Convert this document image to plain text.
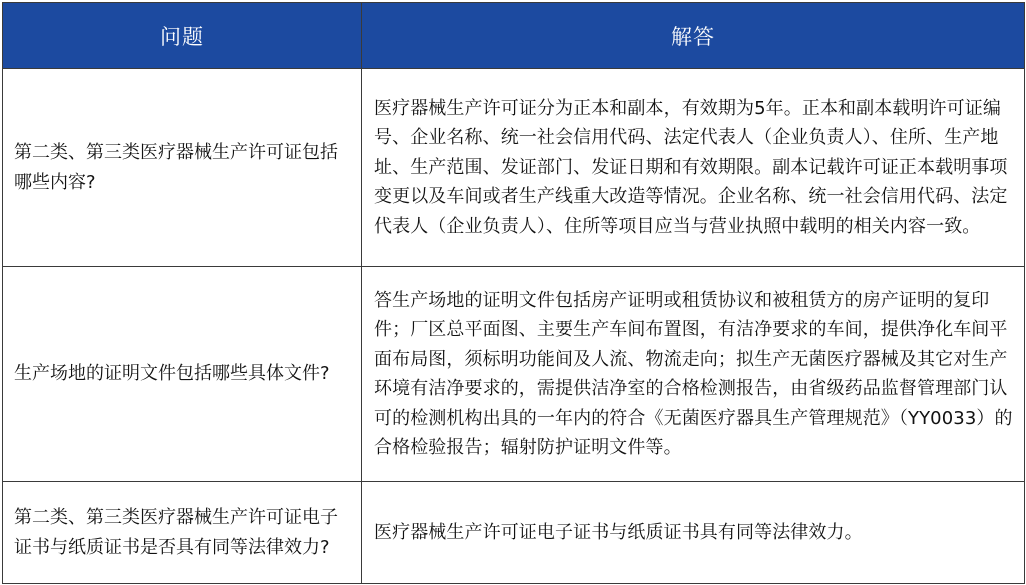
问题	解答
第二类、第三类医疗器械生产许可证包括哪些内容?	医疗器械生产许可证分为正本和副本，有效期为5年。正本和副本载明许可证编号、企业名称、统一社会信用代码、法定代表人（企业负责人）、住所、生产地址、生产范围、发证部门、发证日期和有效期限。副本记载许可证正本载明事项变更以及车间或者生产线重大改造等情况。企业名称、统一社会信用代码、法定代表人（企业负责人）、住所等项目应当与营业执照中载明的相关内容一致。
生产场地的证明文件包括哪些具体文件?	答生产场地的证明文件包括房产证明或租赁协议和被租赁方的房产证明的复印件；厂区总平面图、主要生产车间布置图，有洁净要求的车间，提供净化车间平面布局图，须标明功能间及人流、物流走向；拟生产无菌医疗器械及其它对生产环境有洁净要求的，需提供洁净室的合格检测报告，由省级药品监督管理部门认可的检测机构出具的一年内的符合《无菌医疗器具生产管理规范》（YY0033）的合格检验报告；辐射防护证明文件等。
第二类、第三类医疗器械生产许可证电子证书与纸质证书是否具有同等法律效力?	医疗器械生产许可证电子证书与纸质证书具有同等法律效力。
